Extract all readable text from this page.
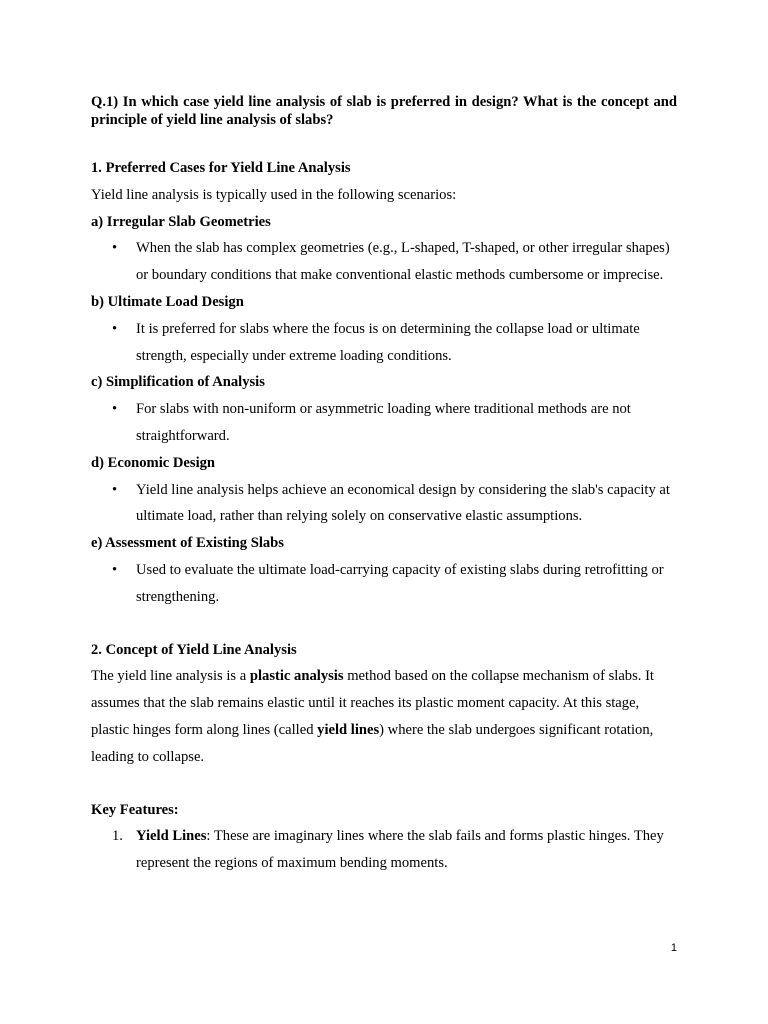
Q.1) In which case yield line analysis of slab is preferred in design? What is the concept and principle of yield line analysis of slabs?

1. Preferred Cases for Yield Line Analysis

Yield line analysis is typically used in the following scenarios:

a) Irregular Slab Geometries

• When the slab has complex geometries (e.g., L-shaped, T-shaped, or other irregular shapes) or boundary conditions that make conventional elastic methods cumbersome or imprecise.

b) Ultimate Load Design

• It is preferred for slabs where the focus is on determining the collapse load or ultimate strength, especially under extreme loading conditions.

c) Simplification of Analysis

• For slabs with non-uniform or asymmetric loading where traditional methods are not straightforward.

d) Economic Design

• Yield line analysis helps achieve an economical design by considering the slab's capacity at ultimate load, rather than relying solely on conservative elastic assumptions.

e) Assessment of Existing Slabs

• Used to evaluate the ultimate load-carrying capacity of existing slabs during retrofitting or strengthening.

2. Concept of Yield Line Analysis

The yield line analysis is a plastic analysis method based on the collapse mechanism of slabs. It assumes that the slab remains elastic until it reaches its plastic moment capacity. At this stage, plastic hinges form along lines (called yield lines) where the slab undergoes significant rotation, leading to collapse.

Key Features:

1. Yield Lines: These are imaginary lines where the slab fails and forms plastic hinges. They represent the regions of maximum bending moments.
1
